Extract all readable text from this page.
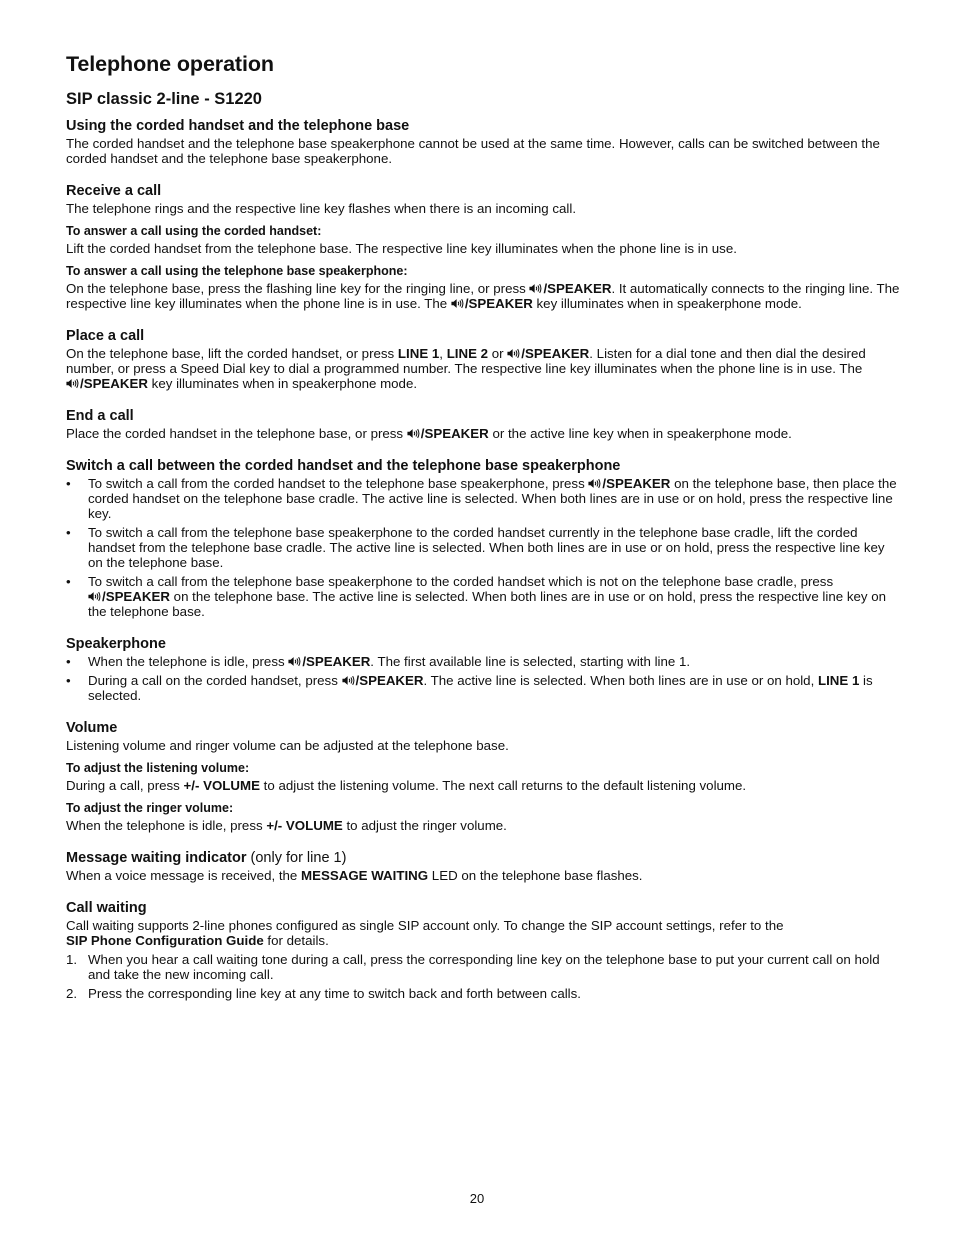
Telephone operation
SIP classic 2-line - S1220
Using the corded handset and the telephone base

The corded handset and the telephone base speakerphone cannot be used at the same time. However, calls can be switched between the corded handset and the telephone base speakerphone.

Receive a call

The telephone rings and the respective line key flashes when there is an incoming call.

To answer a call using the corded handset:

Lift the corded handset from the telephone base. The respective line key illuminates when the phone line is in use.

To answer a call using the telephone base speakerphone:

On the telephone base, press the flashing line key for the ringing line, or press /SPEAKER. It automatically connects to the ringing line. The respective line key illuminates when the phone line is in use. The /SPEAKER key illuminates when in speakerphone mode.

Place a call

On the telephone base, lift the corded handset, or press LINE 1, LINE 2 or /SPEAKER. Listen for a dial tone and then dial the desired number, or press a Speed Dial key to dial a programmed number. The respective line key illuminates when the phone line is in use. The /SPEAKER key illuminates when in speakerphone mode.

End a call

Place the corded handset in the telephone base, or press /SPEAKER or the active line key when in speakerphone mode.

Switch a call between the corded handset and the telephone base speakerphone
•	To switch a call from the corded handset to the telephone base speakerphone, press /SPEAKER on the telephone base, then place the corded handset on the telephone base cradle. The active line is selected. When both lines are in use or on hold, press the respective line key.
•	To switch a call from the telephone base speakerphone to the corded handset currently in the telephone base cradle, lift the corded handset from the telephone base cradle. The active line is selected. When both lines are in use or on hold, press the respective line key on the telephone base.
•	To switch a call from the telephone base speakerphone to the corded handset which is not on the telephone base cradle, press /SPEAKER on the telephone base. The active line is selected. When both lines are in use or on hold, press the respective line key on the telephone base.
Speakerphone
•	When the telephone is idle, press /SPEAKER. The first available line is selected, starting with line 1.
•	During a call on the corded handset, press /SPEAKER. The active line is selected. When both lines are in use or on hold, LINE 1 is selected.
Volume

Listening volume and ringer volume can be adjusted at the telephone base.

To adjust the listening volume:

During a call, press +/- VOLUME to adjust the listening volume. The next call returns to the default listening volume.

To adjust the ringer volume:

When the telephone is idle, press +/- VOLUME to adjust the ringer volume.

Message waiting indicator (only for line 1)

When a voice message is received, the MESSAGE WAITING LED on the telephone base flashes.

Call waiting

Call waiting supports 2-line phones configured as single SIP account only. To change the SIP account settings, refer to the
SIP Phone Configuration Guide for details.

1. When you hear a call waiting tone during a call, press the corresponding line key on the telephone base to put your current call on hold and take the new incoming call.
2. Press the corresponding line key at any time to switch back and forth between calls.
20
